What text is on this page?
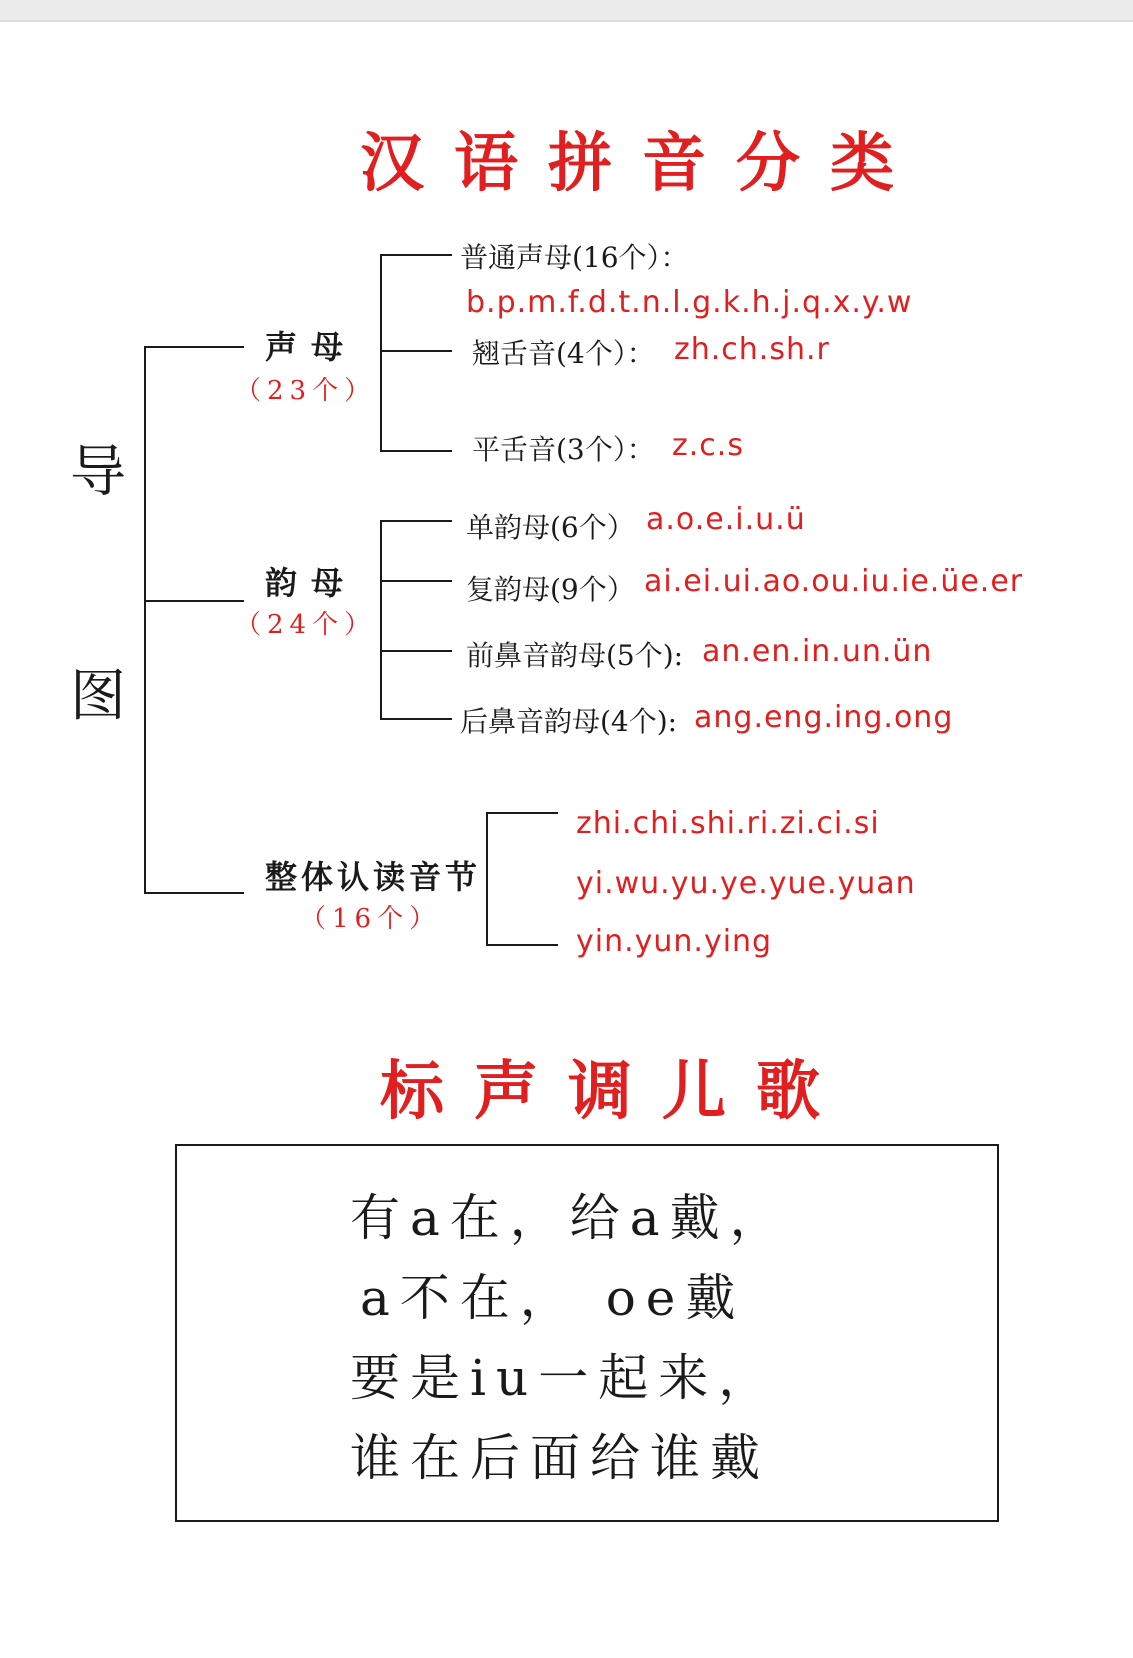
汉语拼音分类
导
图
声母
（23个）
普通声母(16个）：
b.p.m.f.d.t.n.l.g.k.h.j.q.x.y.w
翘舌音(4个）： zh.ch.sh.r
平舌音(3个）： z.c.s
韵母
（24个）
单韵母(6个） a.o.e.i.u.ü
复韵母(9个） ai.ei.ui.ao.ou.iu.ie.üe.er
前鼻音韵母(5个): an.en.in.un.ün
后鼻音韵母(4个): ang.eng.ing.ong
整体认读音节
（16个）
zhi.chi.shi.ri.zi.ci.si
yi.wu.yu.ye.yue.yuan
yin.yun.ying
标声调儿歌
有a在，给a戴，
a不在， oe戴
要是iu一起来，
谁在后面给谁戴
